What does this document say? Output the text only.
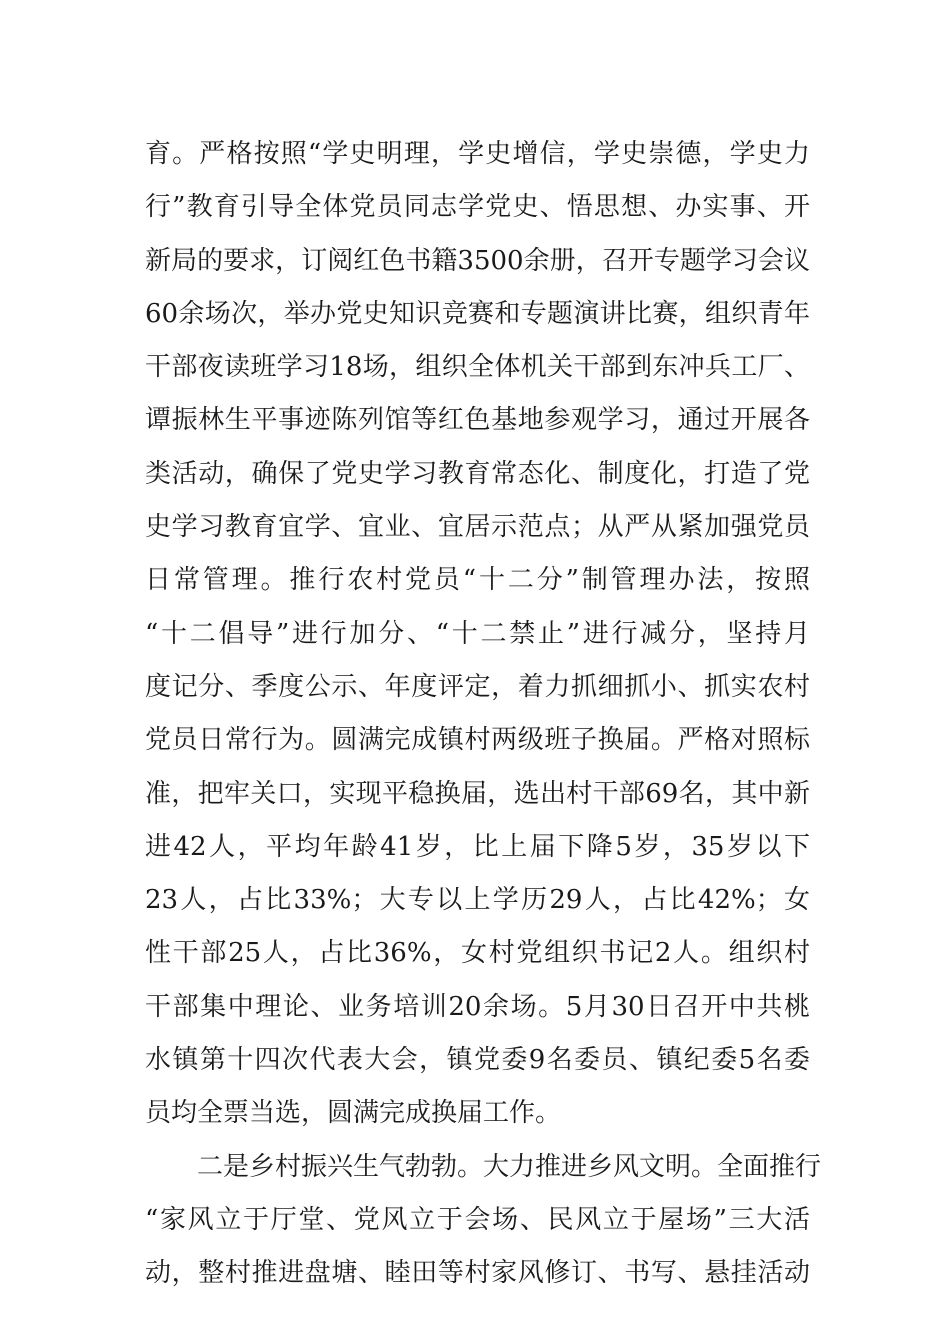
育。严格按照“学史明理，学史增信，学史崇德，学史力
行”教育引导全体党员同志学党史、悟思想、办实事、开
新局的要求，订阅红色书籍3500余册，召开专题学习会议
60余场次，举办党史知识竞赛和专题演讲比赛，组织青年
干部夜读班学习18场，组织全体机关干部到东冲兵工厂、
谭振林生平事迹陈列馆等红色基地参观学习，通过开展各
类活动，确保了党史学习教育常态化、制度化，打造了党
史学习教育宜学、宜业、宜居示范点；从严从紧加强党员
日常管理。推行农村党员“十二分”制管理办法，按照
“十二倡导”进行加分、“十二禁止”进行减分，坚持月
度记分、季度公示、年度评定，着力抓细抓小、抓实农村
党员日常行为。圆满完成镇村两级班子换届。严格对照标
准，把牢关口，实现平稳换届，选出村干部69名，其中新
进42人，平均年龄41岁，比上届下降5岁，35岁以下
23人，占比33%；大专以上学历29人，占比42%；女
性干部25人，占比36%，女村党组织书记2人。组织村
干部集中理论、业务培训20余场。5月30日召开中共桃
水镇第十四次代表大会，镇党委9名委员、镇纪委5名委
员均全票当选，圆满完成换届工作。
二是乡村振兴生气勃勃。大力推进乡风文明。全面推行
“家风立于厅堂、党风立于会场、民风立于屋场”三大活
动，整村推进盘塘、睦田等村家风修订、书写、悬挂活动
